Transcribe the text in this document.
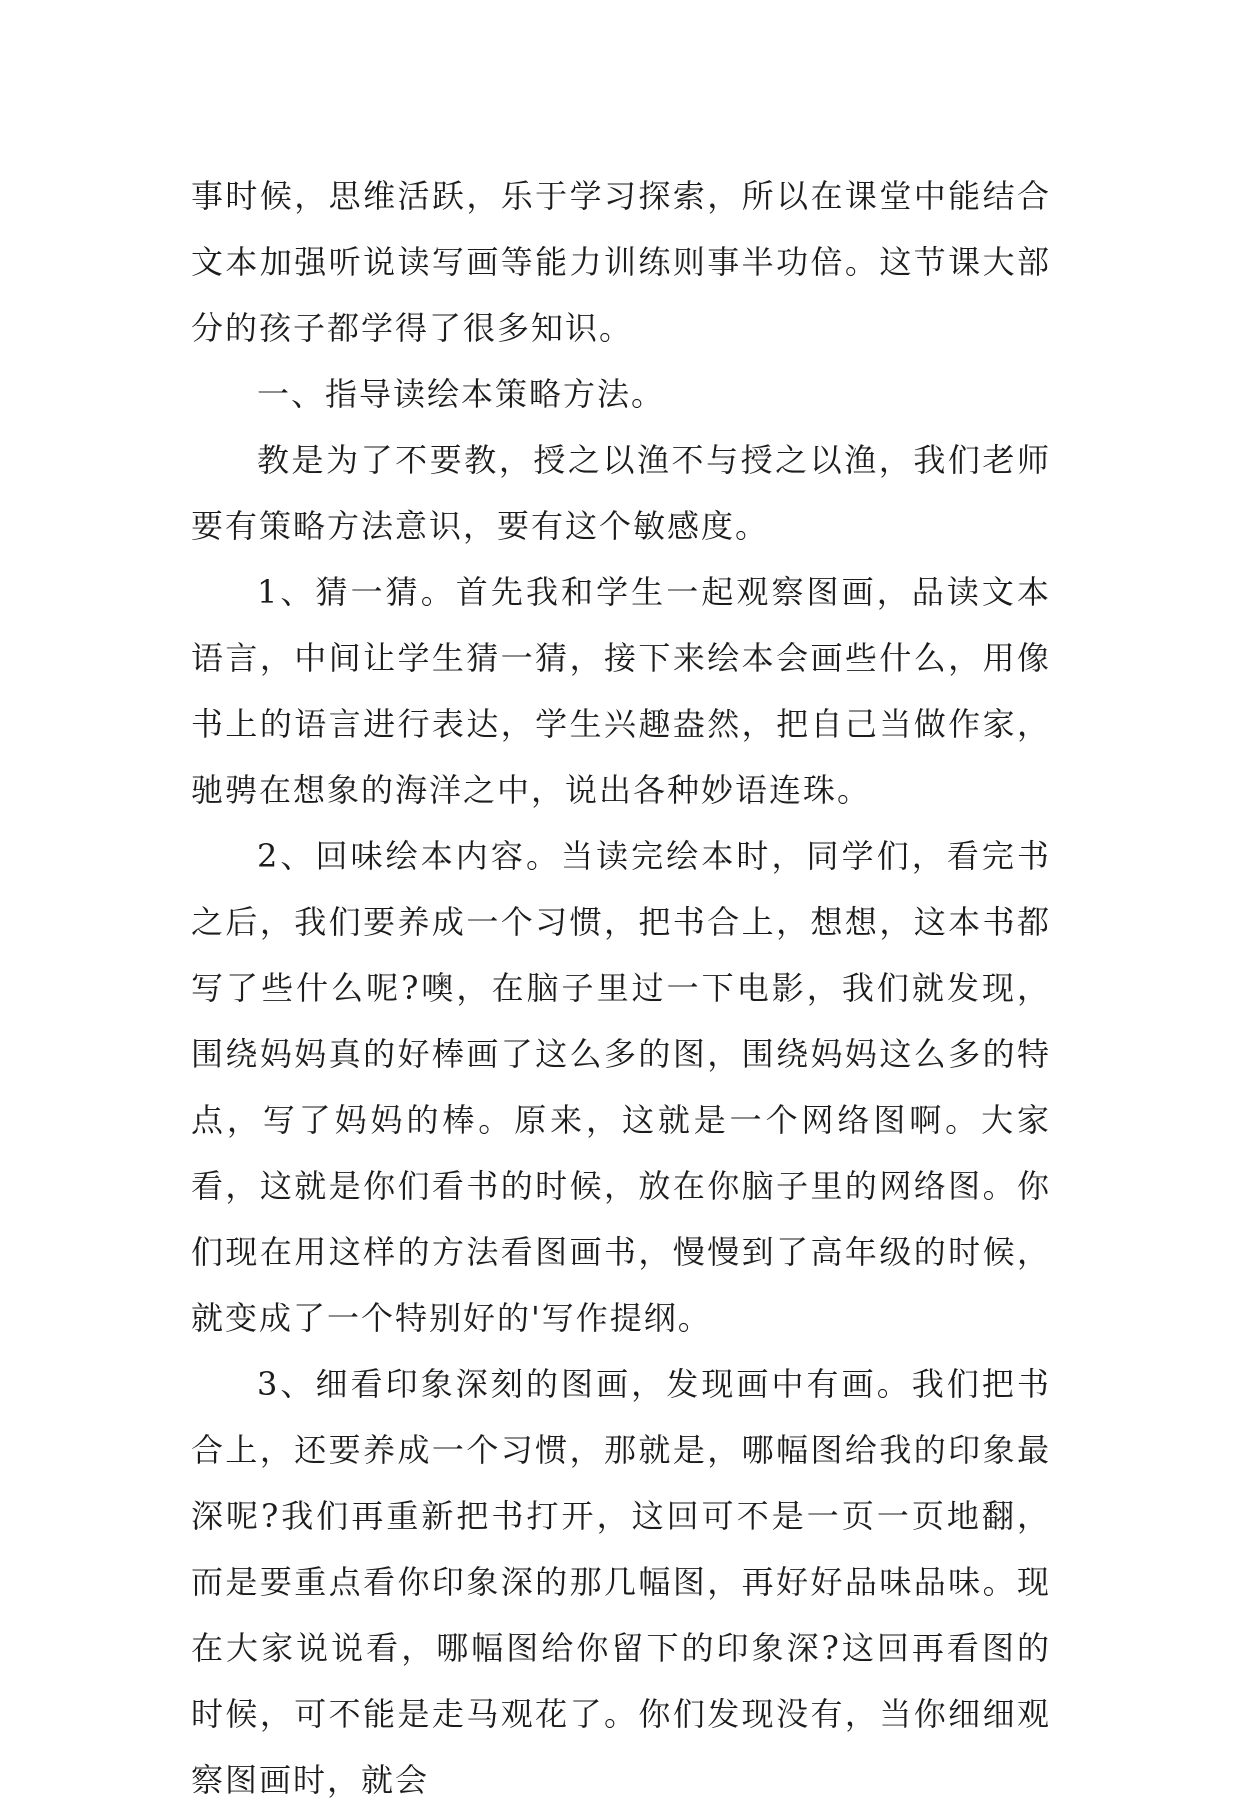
事时候，思维活跃，乐于学习探索，所以在课堂中能结合文本加强听说读写画等能力训练则事半功倍。这节课大部分的孩子都学得了很多知识。

一、指导读绘本策略方法。

教是为了不要教，授之以渔不与授之以渔，我们老师要有策略方法意识，要有这个敏感度。

1、猜一猜。首先我和学生一起观察图画，品读文本语言，中间让学生猜一猜，接下来绘本会画些什么，用像书上的语言进行表达，学生兴趣盎然，把自己当做作家，驰骋在想象的海洋之中，说出各种妙语连珠。

2、回味绘本内容。当读完绘本时，同学们，看完书之后，我们要养成一个习惯，把书合上，想想，这本书都写了些什么呢?噢，在脑子里过一下电影，我们就发现，围绕妈妈真的好棒画了这么多的图，围绕妈妈这么多的特点，写了妈妈的棒。原来，这就是一个网络图啊。大家看，这就是你们看书的时候，放在你脑子里的网络图。你们现在用这样的方法看图画书，慢慢到了高年级的时候，就变成了一个特别好的'写作提纲。

3、细看印象深刻的图画，发现画中有画。我们把书合上，还要养成一个习惯，那就是，哪幅图给我的印象最深呢?我们再重新把书打开，这回可不是一页一页地翻，而是要重点看你印象深的那几幅图，再好好品味品味。现在大家说说看，哪幅图给你留下的印象深?这回再看图的时候，可不能是走马观花了。你们发现没有，当你细细观察图画时，就会
